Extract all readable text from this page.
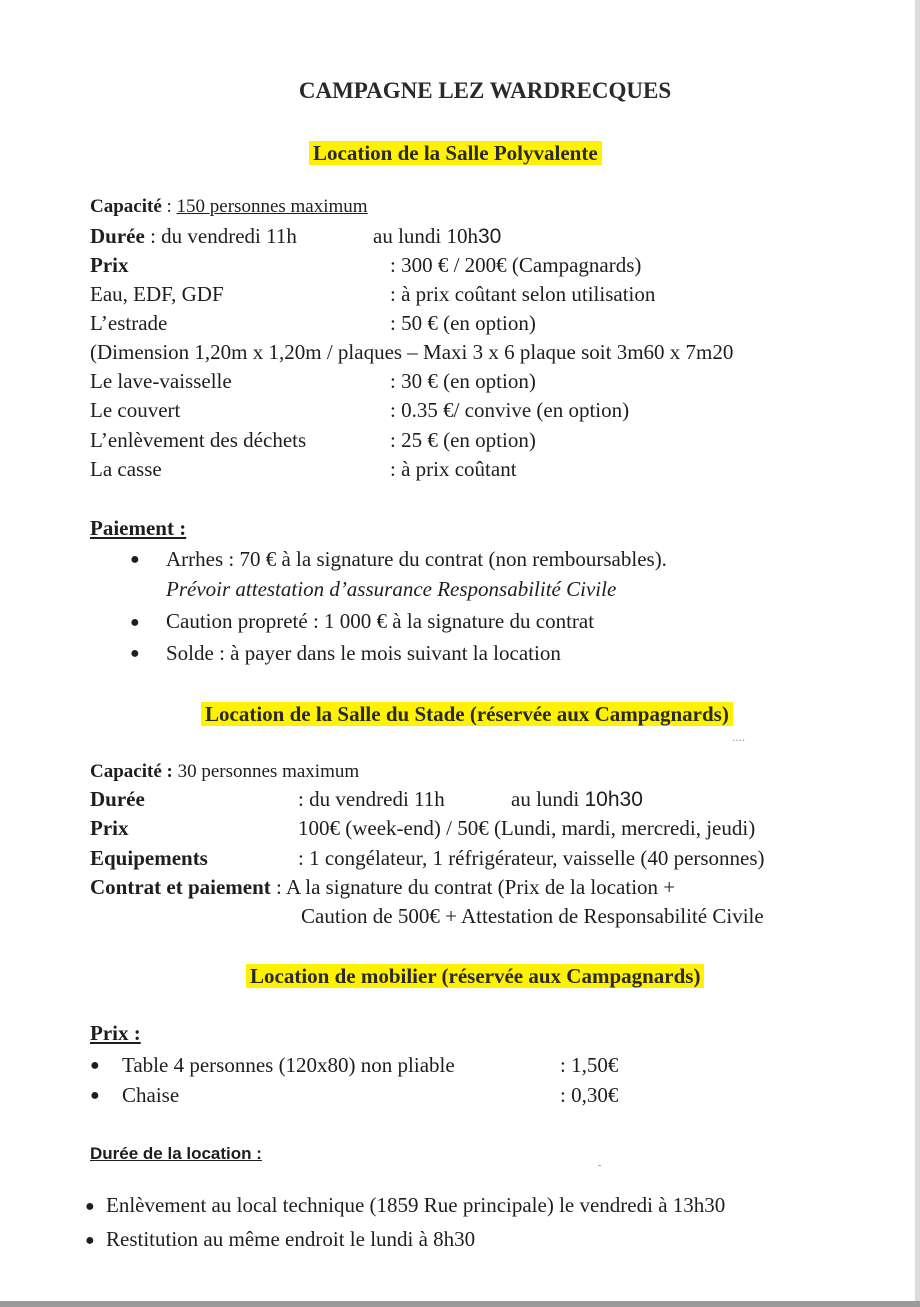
CAMPAGNE LEZ WARDRECQUES
Location de la Salle Polyvalente
Capacité : 150 personnes maximum
Durée : du vendredi 11h	au lundi 10h30
Prix	: 300 € / 200€ (Campagnards)
Eau, EDF, GDF	: à prix coûtant selon utilisation
L’estrade	: 50 € (en option)
(Dimension 1,20m x 1,20m / plaques – Maxi 3 x 6 plaque soit 3m60 x 7m20
Le lave-vaisselle	: 30 € (en option)
Le couvert	: 0.35 €/ convive (en option)
L’enlèvement des déchets	: 25 € (en option)
La casse	: à prix coûtant
Paiement :
● Arrhes : 70 € à la signature du contrat (non remboursables).
Prévoir attestation d’assurance Responsabilité Civile
● Caution propreté : 1 000 € à la signature du contrat
● Solde : à payer dans le mois suivant la location
Location de la Salle du Stade (réservée aux Campagnards)
‥‥
Capacité : 30 personnes maximum
Durée	: du vendredi 11h	au lundi 10h30
Prix	100€ (week-end) / 50€ (Lundi, mardi, mercredi, jeudi)
Equipements	: 1 congélateur, 1 réfrigérateur, vaisselle (40 personnes)
Contrat et paiement : A la signature du contrat (Prix de la location +
Caution de 500€ + Attestation de Responsabilité Civile
Location de mobilier (réservée aux Campagnards)
Prix :
● Table 4 personnes (120x80) non pliable	: 1,50€
● Chaise	: 0,30€
Durée de la location :
-
● Enlèvement au local technique (1859 Rue principale) le vendredi à 13h30
● Restitution au même endroit le lundi à 8h30
